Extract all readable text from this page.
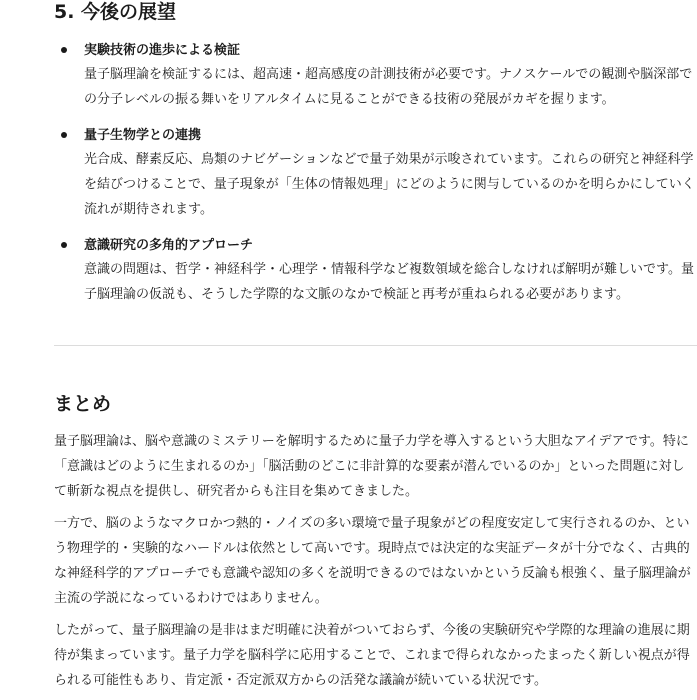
5. 今後の展望
実験技術の進歩による検証
量子脳理論を検証するには、超高速・超高感度の計測技術が必要です。ナノスケールでの観測や脳深部での分子レベルの振る舞いをリアルタイムに見ることができる技術の発展がカギを握ります。
量子生物学との連携
光合成、酵素反応、鳥類のナビゲーションなどで量子効果が示唆されています。これらの研究と神経科学を結びつけることで、量子現象が「生体の情報処理」にどのように関与しているのかを明らかにしていく流れが期待されます。
意識研究の多角的アプローチ
意識の問題は、哲学・神経科学・心理学・情報科学など複数領域を総合しなければ解明が難しいです。量子脳理論の仮説も、そうした学際的な文脈のなかで検証と再考が重ねられる必要があります。
まとめ

量子脳理論は、脳や意識のミステリーを解明するために量子力学を導入するという大胆なアイデアです。特に「意識はどのように生まれるのか」「脳活動のどこに非計算的な要素が潜んでいるのか」といった問題に対して斬新な視点を提供し、研究者からも注目を集めてきました。

一方で、脳のようなマクロかつ熱的・ノイズの多い環境で量子現象がどの程度安定して実行されるのか、という物理学的・実験的なハードルは依然として高いです。現時点では決定的な実証データが十分でなく、古典的な神経科学的アプローチでも意識や認知の多くを説明できるのではないかという反論も根強く、量子脳理論が主流の学説になっているわけではありません。

したがって、量子脳理論の是非はまだ明確に決着がついておらず、今後の実験研究や学際的な理論の進展に期待が集まっています。量子力学を脳科学に応用することで、これまで得られなかったまったく新しい視点が得られる可能性もあり、肯定派・否定派双方からの活発な議論が続いている状況です。
